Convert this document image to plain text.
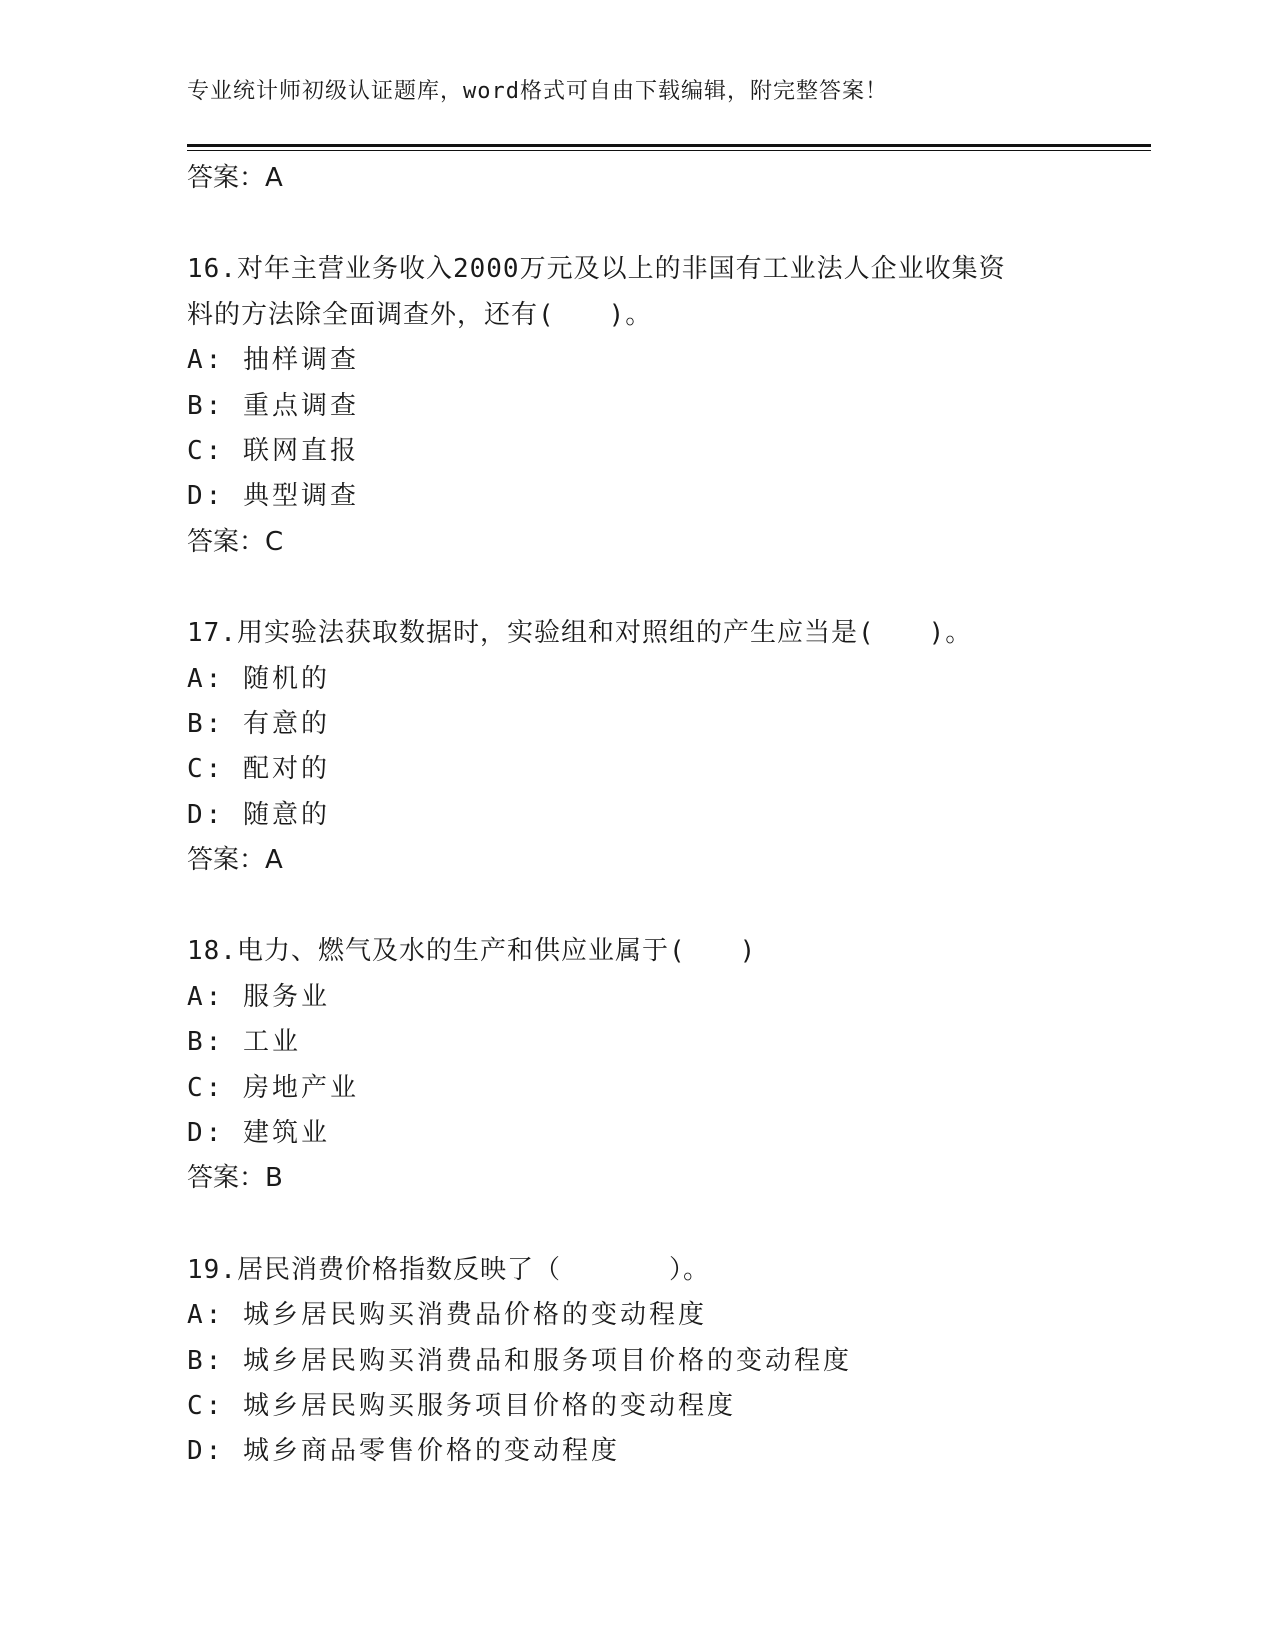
专业统计师初级认证题库，word格式可自由下载编辑，附完整答案！
答案：A
16.对年主营业务收入2000万元及以上的非国有工业法人企业收集资
料的方法除全面调查外，还有(　　)。
A: 抽样调查
B: 重点调查
C: 联网直报
D: 典型调查
答案：C
17.用实验法获取数据时，实验组和对照组的产生应当是(　　)。
A: 随机的
B: 有意的
C: 配对的
D: 随意的
答案：A
18.电力、燃气及水的生产和供应业属于(　　)
A: 服务业
B: 工业
C: 房地产业
D: 建筑业
答案：B
19.居民消费价格指数反映了（　　　　）。
A: 城乡居民购买消费品价格的变动程度
B: 城乡居民购买消费品和服务项目价格的变动程度
C: 城乡居民购买服务项目价格的变动程度
D: 城乡商品零售价格的变动程度
